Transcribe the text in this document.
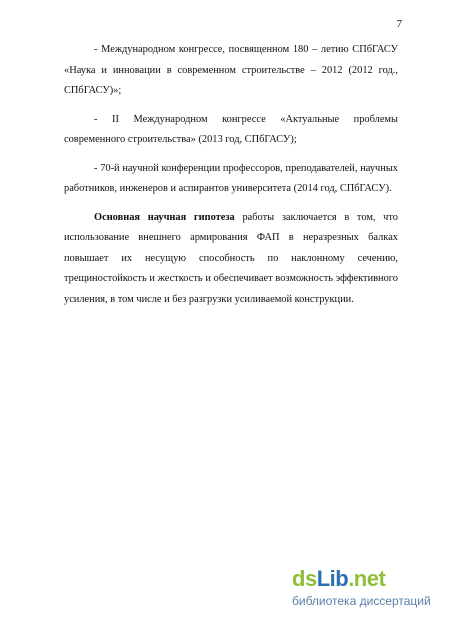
7

- Международном конгрессе, посвященном 180 – летию СПбГАСУ «Наука и инновации в современном строительстве – 2012 (2012 год., СПбГАСУ)»;

- II Международном конгрессе «Актуальные проблемы современного строительства» (2013 год, СПбГАСУ);

- 70-й научной конференции профессоров, преподавателей, научных работников, инженеров и аспирантов университета (2014 год, СПбГАСУ).

Основная научная гипотеза работы заключается в том, что использование внешнего армирования ФАП в неразрезных балках повышает их несущую способность по наклонному сечению, трещиностойкость и жесткость и обеспечивает возможность эффективного усиления, в том числе и без разгрузки усиливаемой конструкции.

dsLib.net
библиотека диссертаций
